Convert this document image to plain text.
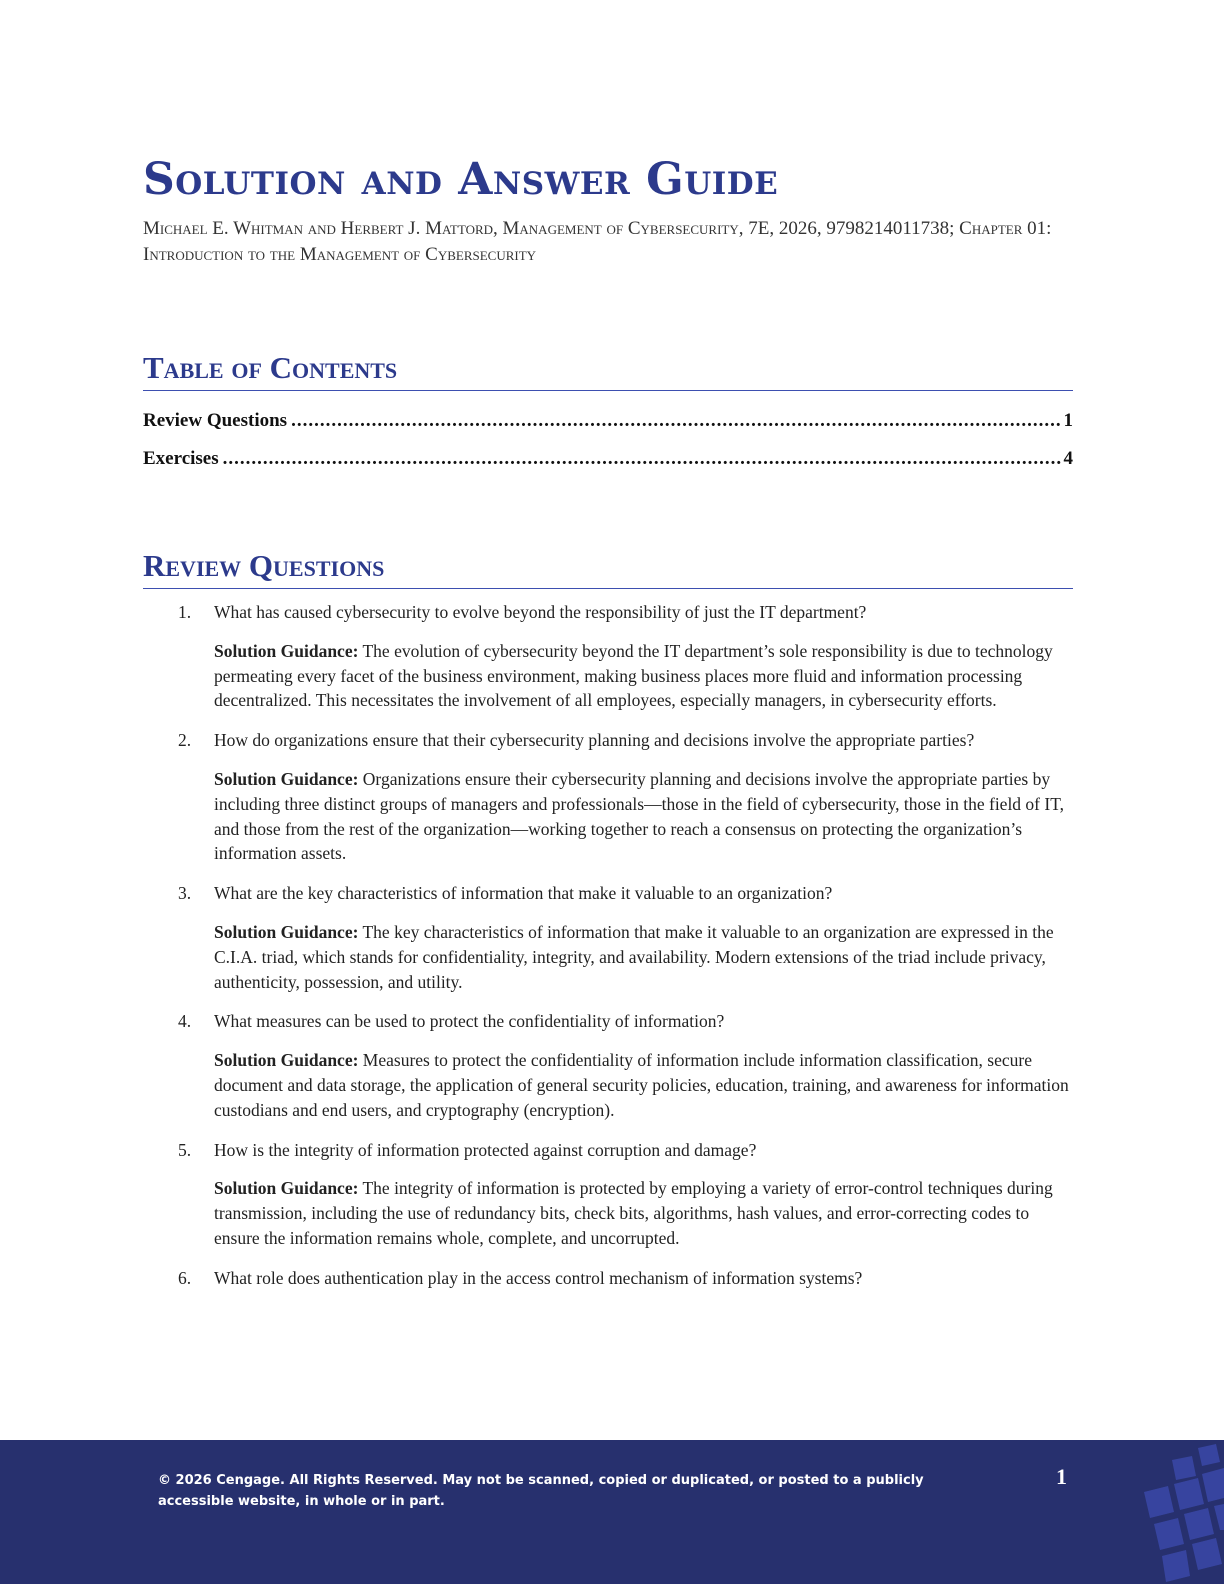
Solution and Answer Guide

Michael E. Whitman and Herbert J. Mattord, Management of Cybersecurity, 7E, 2026, 9798214011738; Chapter 01: Introduction to the Management of Cybersecurity

Table of Contents
Review Questions .....	1
Exercises .....	4
Review Questions
1.	What has caused cybersecurity to evolve beyond the responsibility of just the IT department?
Solution Guidance: The evolution of cybersecurity beyond the IT department’s sole responsibility is due to technology permeating every facet of the business environment, making business places more fluid and information processing decentralized. This necessitates the involvement of all employees, especially managers, in cybersecurity efforts.
2.	How do organizations ensure that their cybersecurity planning and decisions involve the appropriate parties?
Solution Guidance: Organizations ensure their cybersecurity planning and decisions involve the appropriate parties by including three distinct groups of managers and professionals—those in the field of cybersecurity, those in the field of IT, and those from the rest of the organization—working together to reach a consensus on protecting the organization’s information assets.
3.	What are the key characteristics of information that make it valuable to an organization?
Solution Guidance: The key characteristics of information that make it valuable to an organization are expressed in the C.I.A. triad, which stands for confidentiality, integrity, and availability. Modern extensions of the triad include privacy, authenticity, possession, and utility.
4.	What measures can be used to protect the confidentiality of information?
Solution Guidance: Measures to protect the confidentiality of information include information classification, secure document and data storage, the application of general security policies, education, training, and awareness for information custodians and end users, and cryptography (encryption).
5.	How is the integrity of information protected against corruption and damage?
Solution Guidance: The integrity of information is protected by employing a variety of error-control techniques during transmission, including the use of redundancy bits, check bits, algorithms, hash values, and error-correcting codes to ensure the information remains whole, complete, and uncorrupted.
6.	What role does authentication play in the access control mechanism of information systems?
© 2026 Cengage. All Rights Reserved. May not be scanned, copied or duplicated, or posted to a publicly accessible website, in whole or in part.
1
